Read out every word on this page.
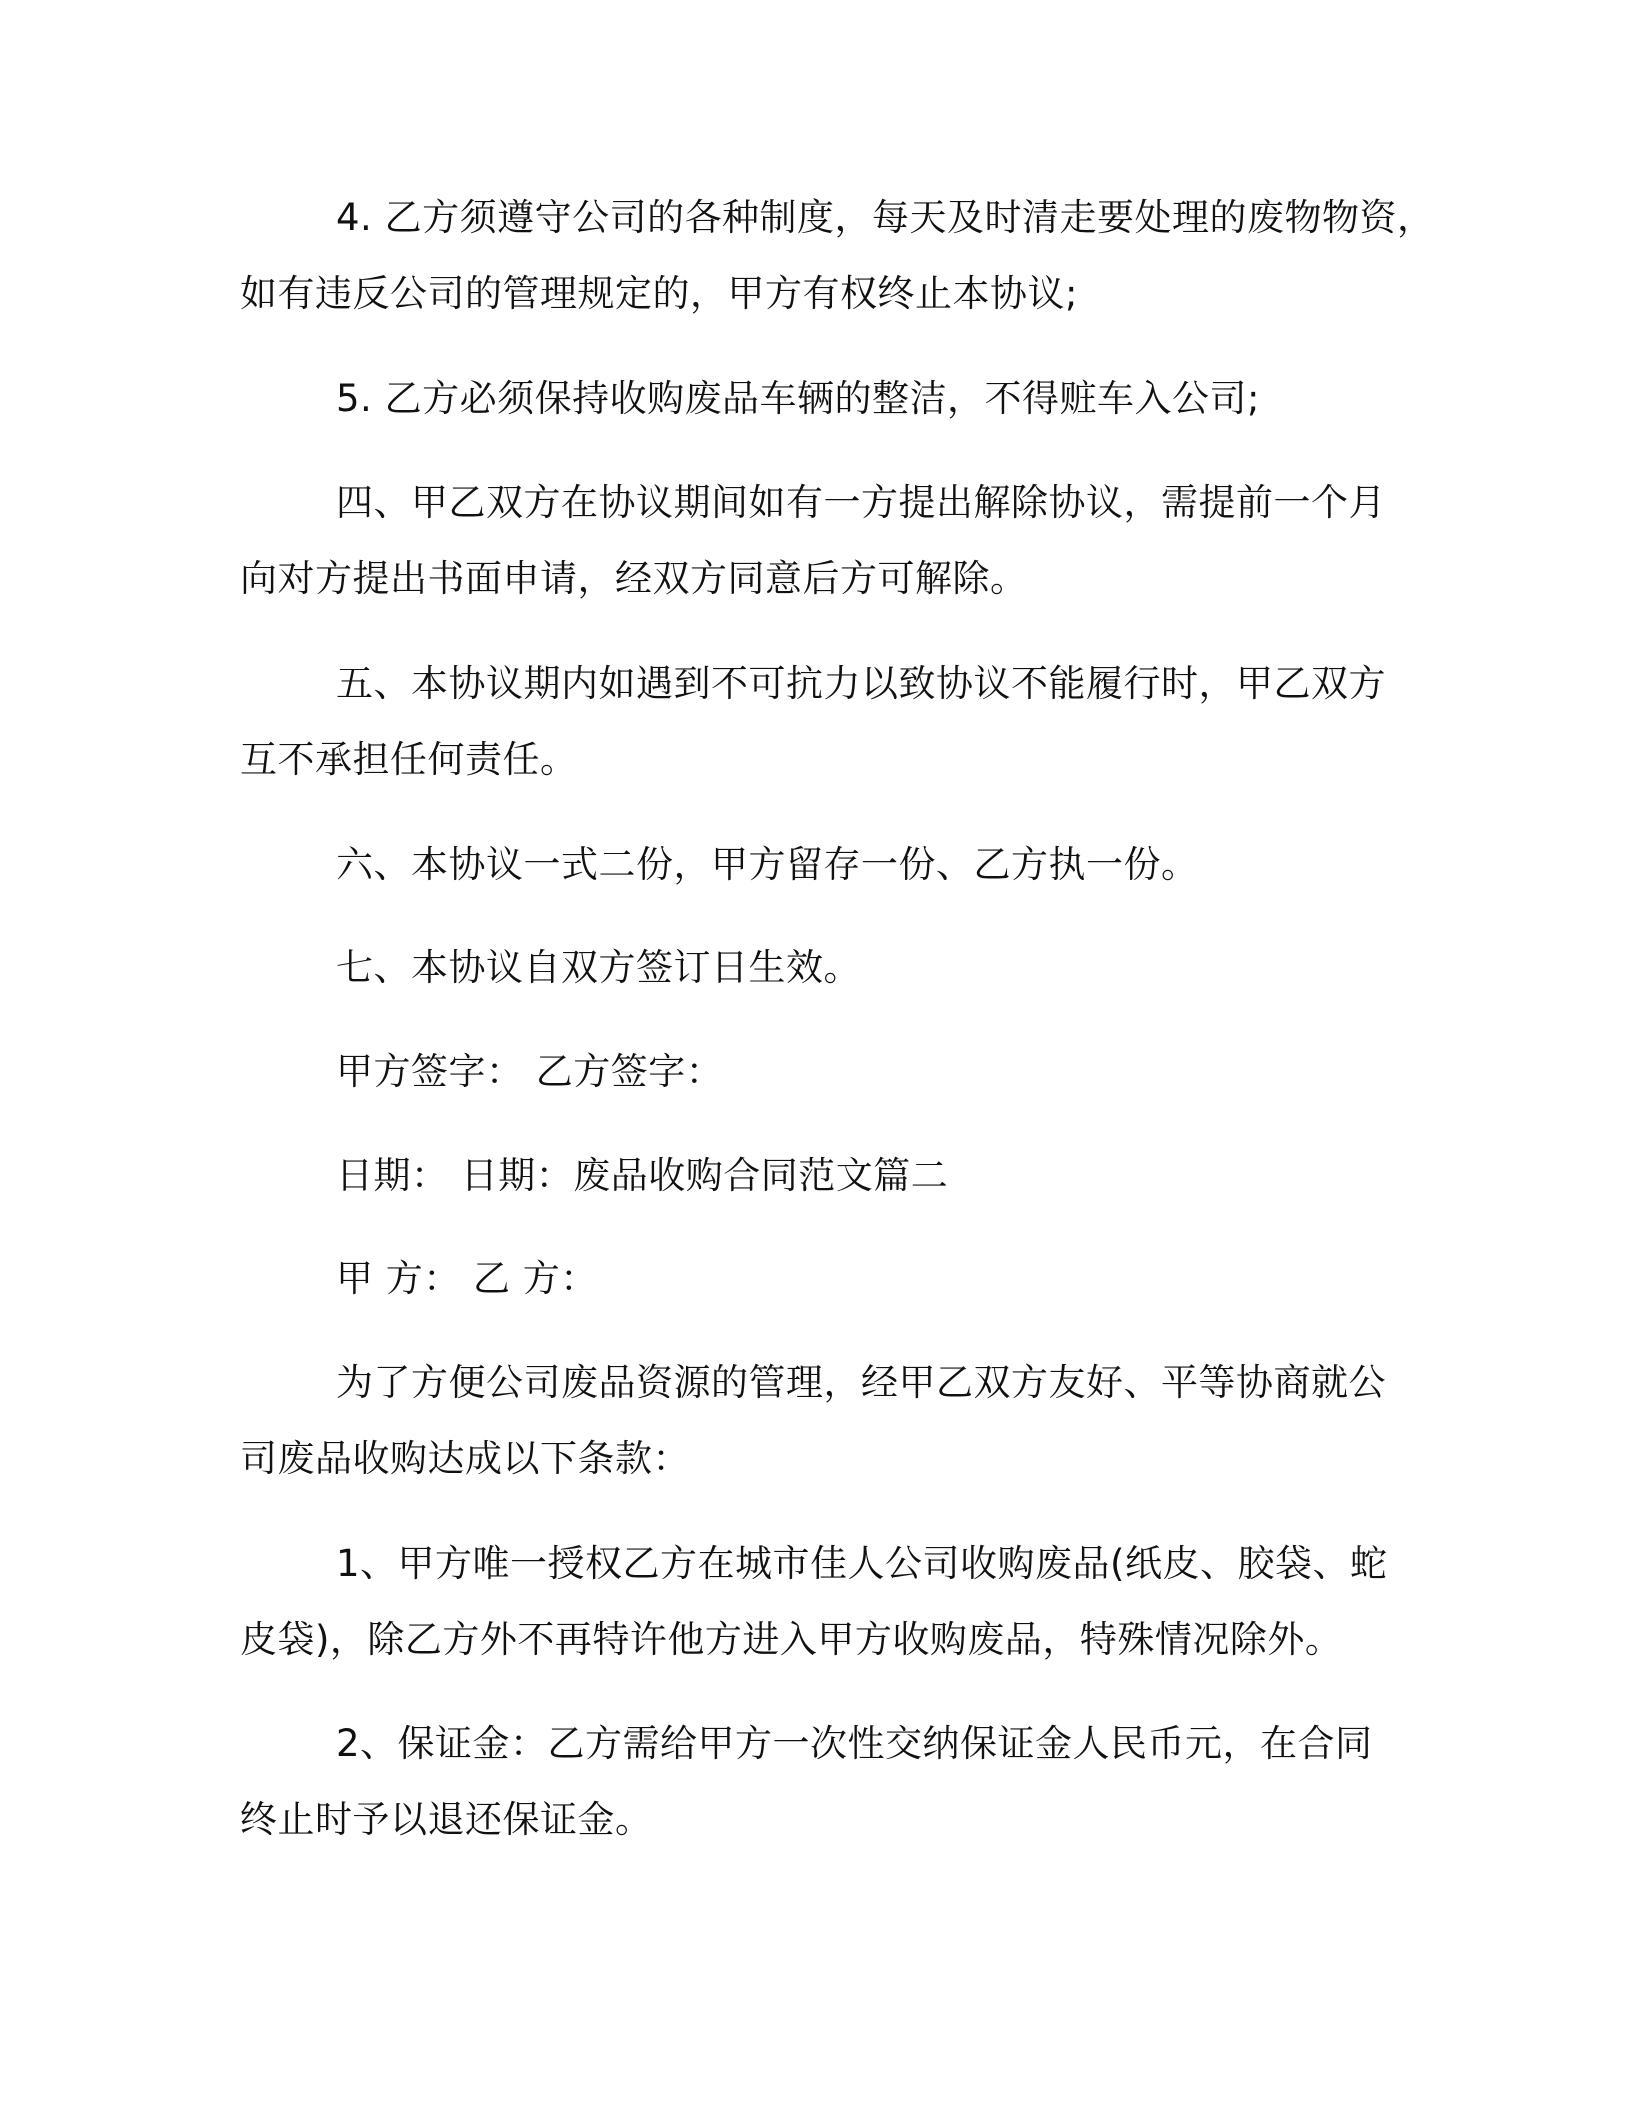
4. 乙方须遵守公司的各种制度，每天及时清走要处理的废物物资，
如有违反公司的管理规定的，甲方有权终止本协议;
5. 乙方必须保持收购废品车辆的整洁，不得赃车入公司;
四、甲乙双方在协议期间如有一方提出解除协议，需提前一个月
向对方提出书面申请，经双方同意后方可解除。
五、本协议期内如遇到不可抗力以致协议不能履行时，甲乙双方
互不承担任何责任。
六、本协议一式二份，甲方留存一份、乙方执一份。
七、本协议自双方签订日生效。
甲方签字： 乙方签字：
日期： 日期：废品收购合同范文篇二
甲 方： 乙 方：
为了方便公司废品资源的管理，经甲乙双方友好、平等协商就公
司废品收购达成以下条款：
1、甲方唯一授权乙方在城市佳人公司收购废品(纸皮、胶袋、蛇
皮袋)，除乙方外不再特许他方进入甲方收购废品，特殊情况除外。
2、保证金：乙方需给甲方一次性交纳保证金人民币元，在合同
终止时予以退还保证金。
